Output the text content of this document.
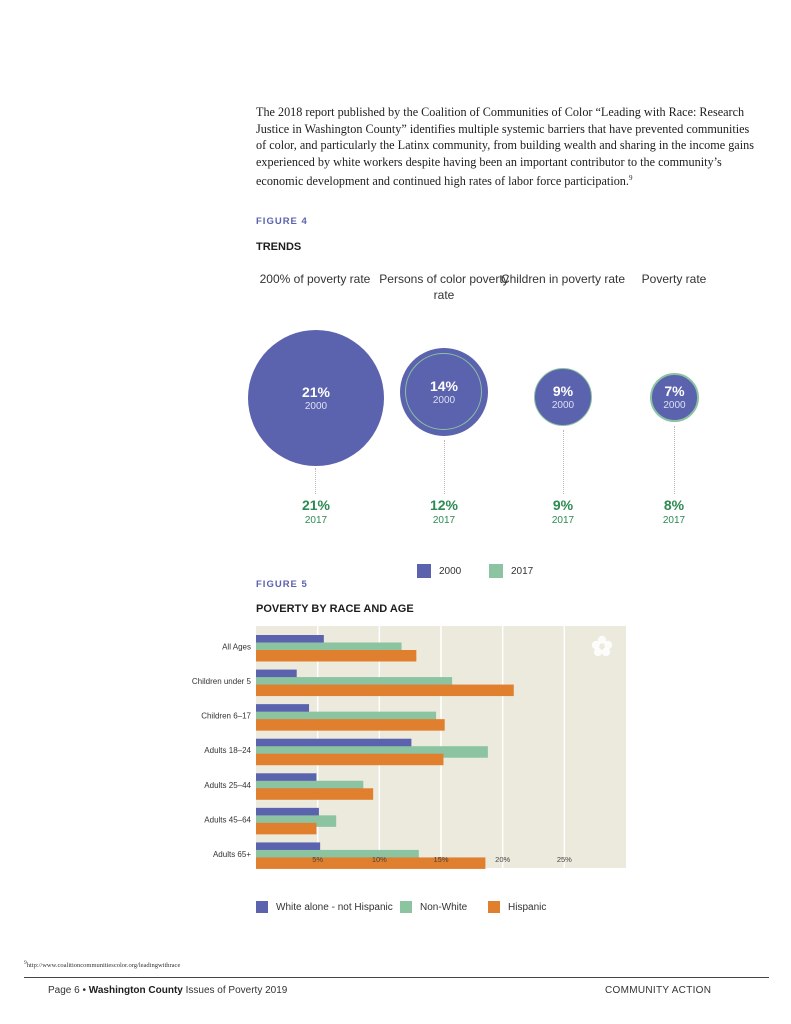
The 2018 report published by the Coalition of Communities of Color “Leading with Race: Research Justice in Washington County” identifies multiple systemic barriers that have prevented communities of color, and particularly the Latinx community, from building wealth and sharing in the income gains experienced by white workers despite having been an important contributor to the community’s economic development and continued high rates of labor force participation.$^9$

FIGURE 4
TRENDS
200% of poverty rate
21%
2000
21%
2017
Persons of color poverty rate
14%
2000
12%
2017
Children in poverty rate
9%
2000
9%
2017
Poverty rate
7%
2000
8%
2017
2000	2017
FIGURE 5
POVERTY BY RACE AND AGE
All Ages
Children under 5
Children 6–17
Adults 18–24
Adults 25–44
Adults 45–64
Adults 65+
5%	10%	15%	20%	25%
White alone - not Hispanic	Non-White	Hispanic
$^9$http://www.coalitioncommunitiescolor.org/leadingwithrace
Page 6 • Washington County Issues of Poverty 2019	COMMUNITY ACTION
